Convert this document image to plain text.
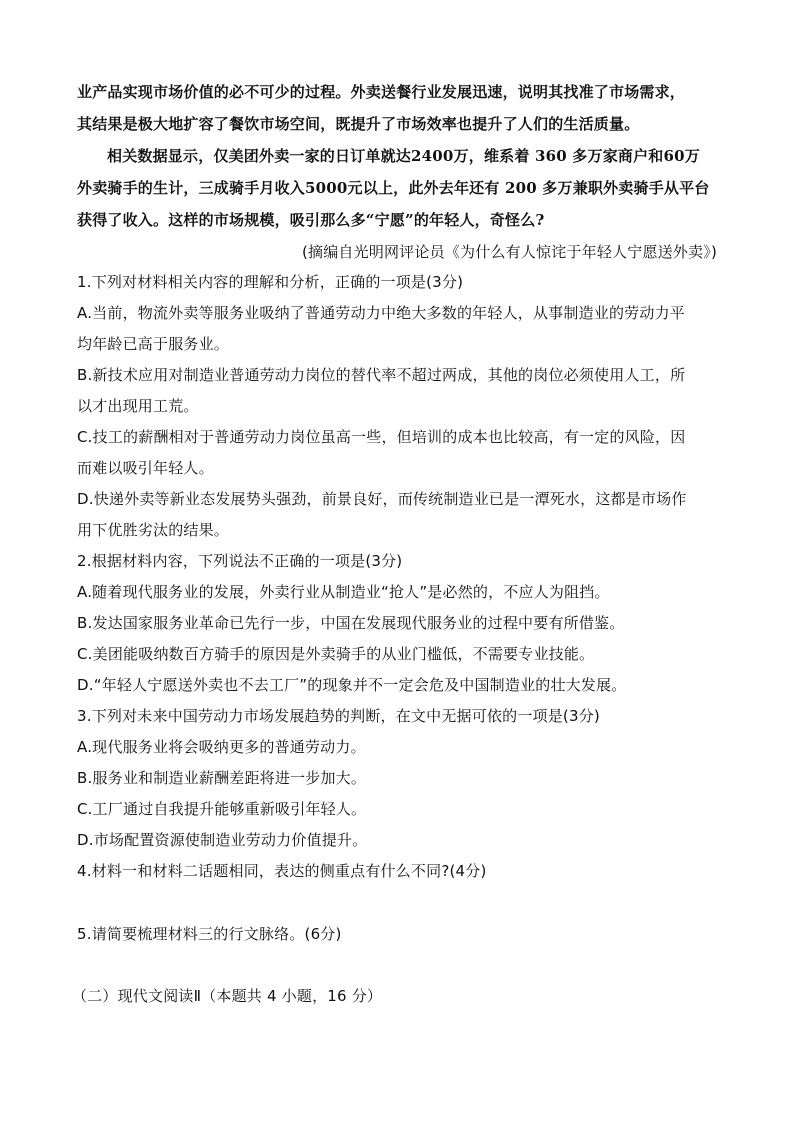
业产品实现市场价值的必不可少的过程。外卖送餐行业发展迅速，说明其找准了市场需求，
其结果是极大地扩容了餐饮市场空间，既提升了市场效率也提升了人们的生活质量。
相关数据显示，仅美团外卖一家的日订单就达2400万，维系着 360 多万家商户和60万
外卖骑手的生计，三成骑手月收入5000元以上，此外去年还有 200 多万兼职外卖骑手从平台
获得了收入。这样的市场规模，吸引那么多“宁愿”的年轻人，奇怪么?
(摘编自光明网评论员《为什么有人惊诧于年轻人宁愿送外卖》)
1.下列对材料相关内容的理解和分析，正确的一项是(3分)
A.当前，物流外卖等服务业吸纳了普通劳动力中绝大多数的年轻人，从事制造业的劳动力平
均年龄已高于服务业。
B.新技术应用对制造业普通劳动力岗位的替代率不超过两成，其他的岗位必须使用人工，所
以才出现用工荒。
C.技工的薪酬相对于普通劳动力岗位虽高一些，但培训的成本也比较高，有一定的风险，因
而难以吸引年轻人。
D.快递外卖等新业态发展势头强劲，前景良好，而传统制造业已是一潭死水，这都是市场作
用下优胜劣汰的结果。
2.根据材料内容，下列说法不正确的一项是(3分)
A.随着现代服务业的发展，外卖行业从制造业“抢人”是必然的，不应人为阻挡。
B.发达国家服务业革命已先行一步，中国在发展现代服务业的过程中要有所借鉴。
C.美团能吸纳数百方骑手的原因是外卖骑手的从业门槛低，不需要专业技能。
D.“年轻人宁愿送外卖也不去工厂”的现象并不一定会危及中国制造业的壮大发展。
3.下列对未来中国劳动力市场发展趋势的判断，在文中无据可依的一项是(3分)
A.现代服务业将会吸纳更多的普通劳动力。
B.服务业和制造业薪酬差距将进一步加大。
C.工厂通过自我提升能够重新吸引年轻人。
D.市场配置资源使制造业劳动力价值提升。
4.材料一和材料二话题相同，表达的侧重点有什么不同?(4分)
5.请简要梳理材料三的行文脉络。(6分)
（二）现代文阅读Ⅱ（本题共 4 小题，16 分）
